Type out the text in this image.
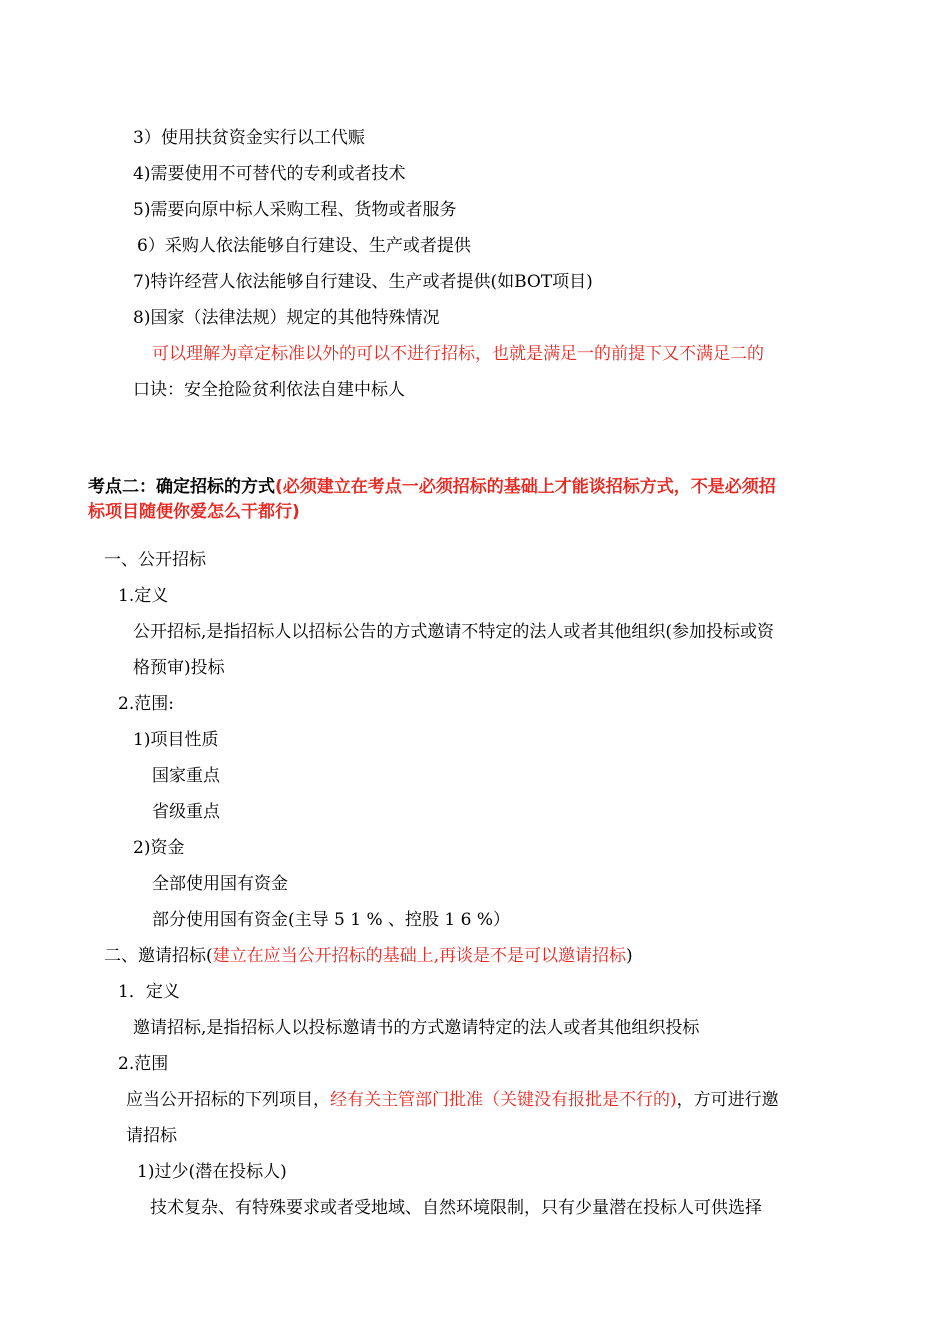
3）使用扶贫资金实行以工代赈
4)需要使用不可替代的专利或者技术
5)需要向原中标人采购工程、货物或者服务
6）采购人依法能够自行建设、生产或者提供
7)特许经营人依法能够自行建设、生产或者提供(如BOT项目)
8)国家（法律法规）规定的其他特殊情况
可以理解为章定标准以外的可以不进行招标，也就是满足一的前提下又不满足二的
口诀：安全抢险贫利依法自建中标人
考点二：确定招标的方式(必须建立在考点一必须招标的基础上才能谈招标方式，不是必须招
标项目随便你爱怎么干都行)
一、公开招标
1.定义
公开招标,是指招标人以招标公告的方式邀请不特定的法人或者其他组织(参加投标或资
格预审)投标
2.范围:
1)项目性质
国家重点
省级重点
2)资金
全部使用国有资金
部分使用国有资金(主导 5 1 % 、控股 1 6 %）
二、邀请招标(建立在应当公开招标的基础上,再谈是不是可以邀请招标)
1．定义
邀请招标,是指招标人以投标邀请书的方式邀请特定的法人或者其他组织投标
2.范围
应当公开招标的下列项目，经有关主管部门批准（关键没有报批是不行的)，方可进行邀
请招标
1)过少(潜在投标人)
技术复杂、有特殊要求或者受地域、自然环境限制，只有少量潜在投标人可供选择
